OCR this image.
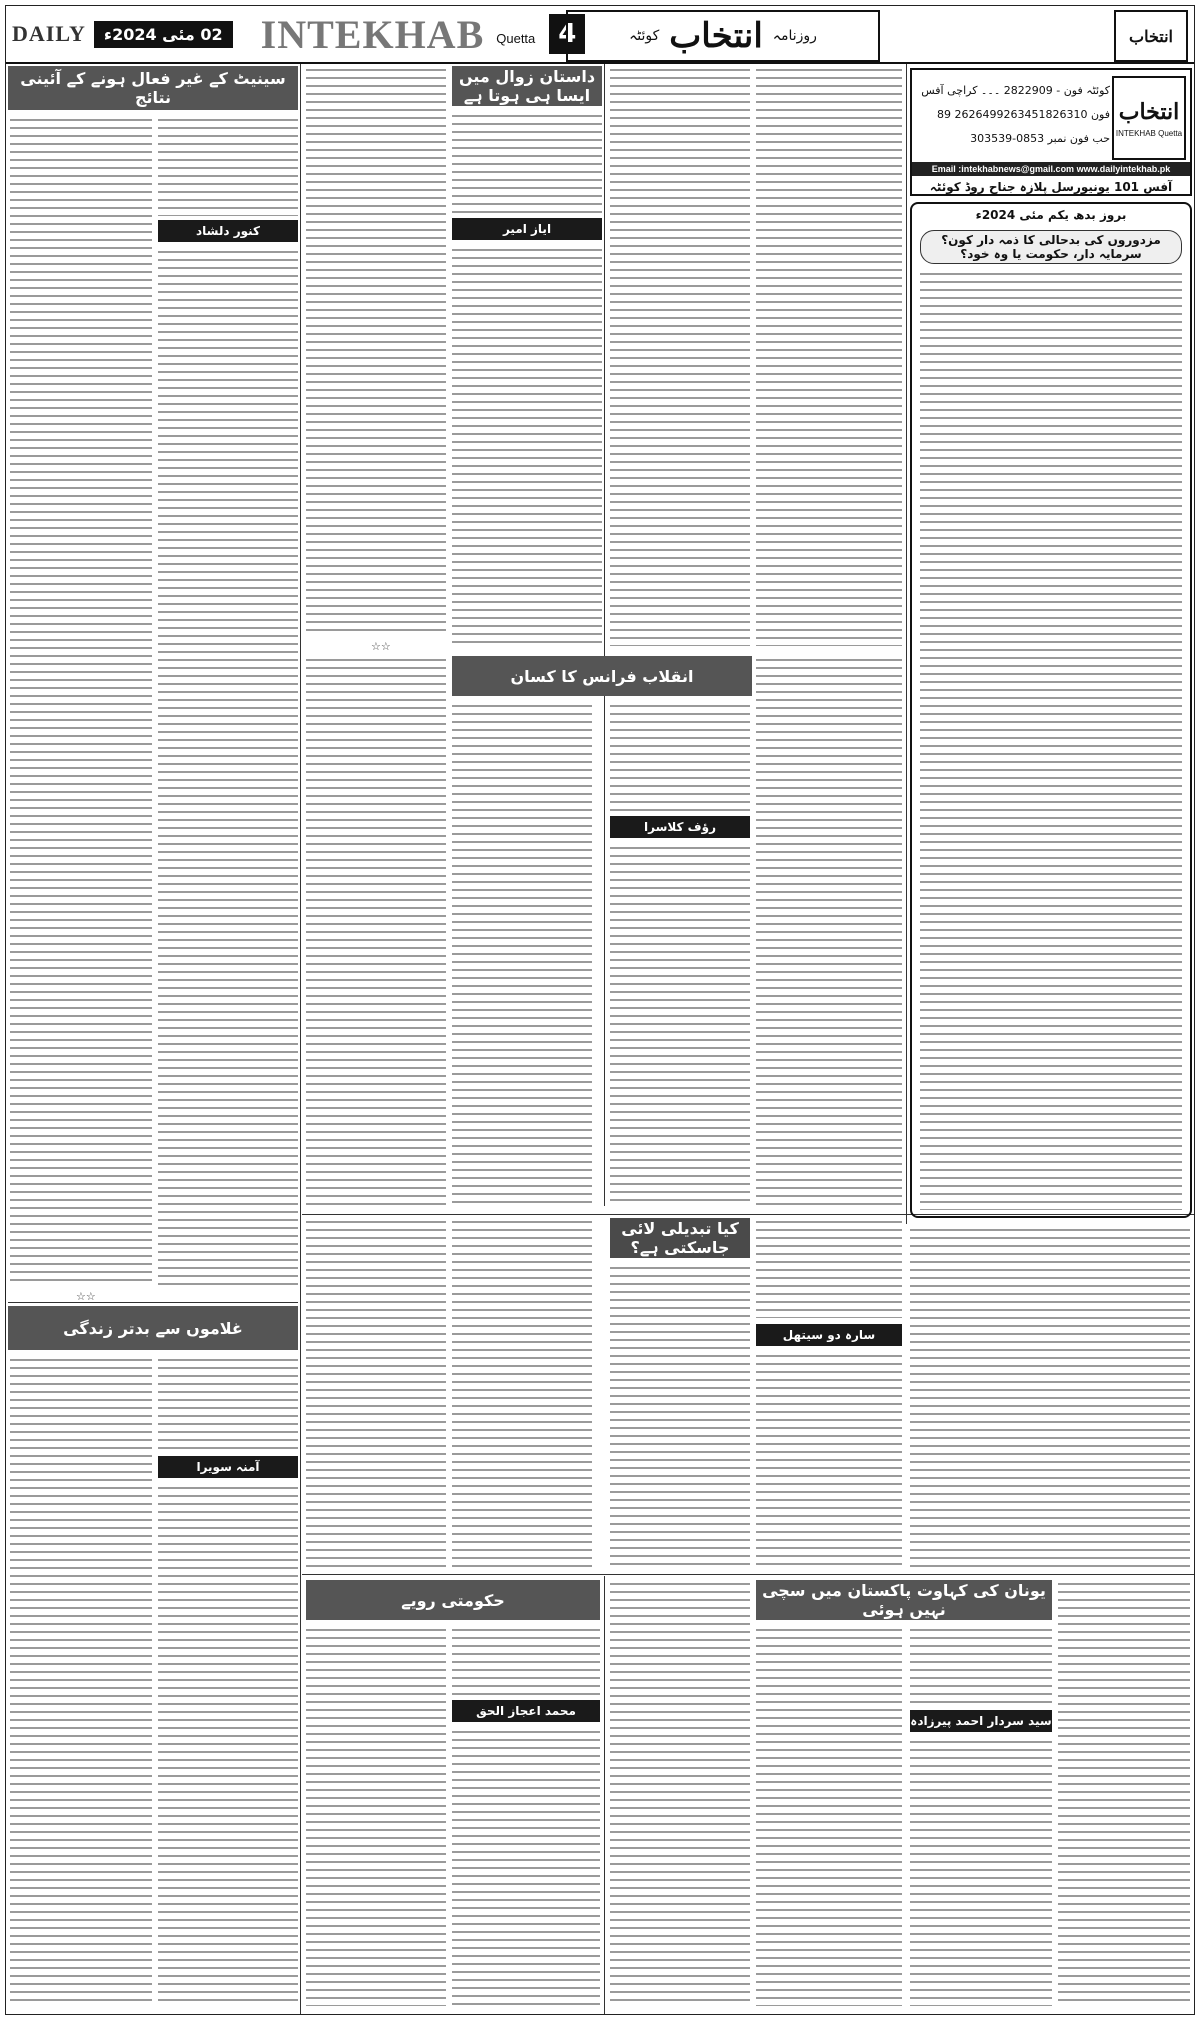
DAILY	02 مئی 2024ء INTEKHAB Quetta 4	روزنامہ
انتخاب
کوئٹہ	انتخاب
سینیٹ کے غیر فعال ہونے کے آئینی نتائج
کنور دلشاد
☆☆
غلاموں سے بدتر زندگی
آمنہ سویرا
☆☆
داستان زوال میں ایسا ہی ہوتا ہے
ایاز امیر
انقلاب فرانس کا کسان
رؤف کلاسرا
انتخاب
INTEKHAB Quetta
کوئٹہ فون - 2822909 ۔۔۔ کراچی آفس
فون 2626499263451826310 89
حب فون نمبر 0853-303539
Email :intekhabnews@gmail.com www.dailyintekhab.pk
آفس 101 یونیورسل پلازہ جناح روڈ کوئٹہ
بروز بدھ یکم مئی 2024ء
مزدوروں کی بدحالی کا ذمہ دار کون؟ سرمایہ دار، حکومت یا وہ خود؟
کیا تبدیلی لائی جاسکتی ہے؟
سارہ دو سیتھل
حکومتی رویے
محمد اعجاز الحق
یونان کی کہاوت پاکستان میں سچی نہیں ہوئی
سید سردار احمد پیرزادہ
